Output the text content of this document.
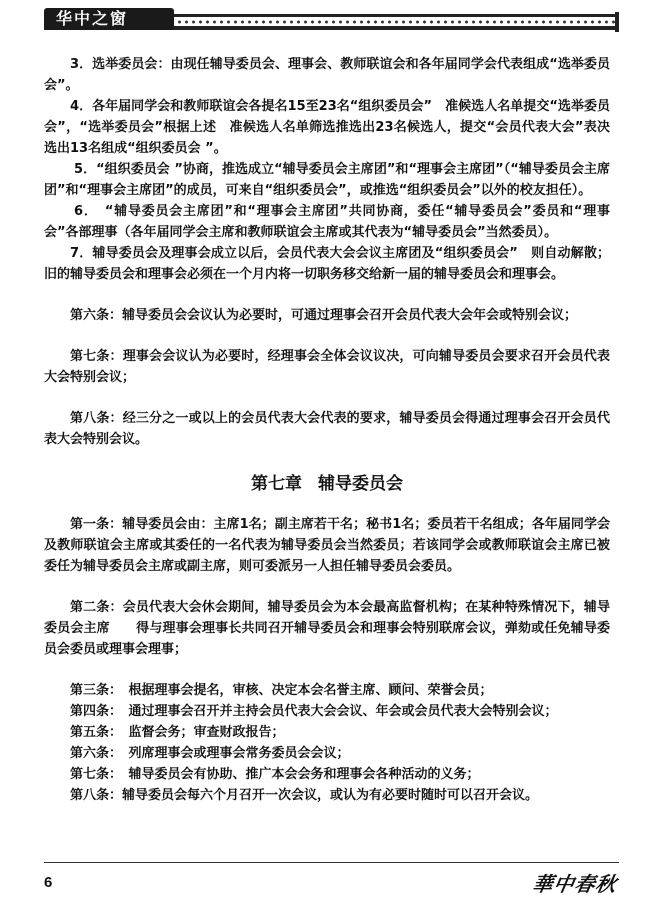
华中之窗

3．选举委员会：由现任辅导委员会、理事会、教师联谊会和各年届同学会代表组成“选举委员会”。

4．各年届同学会和教师联谊会各提名15至23名“组织委员会”　准候选人名单提交“选举委员会”，“选举委员会”根据上述　准候选人名单筛选推选出23名候选人，提交“会员代表大会”表决选出13名组成“组织委员会 ”。

5．“组织委员会 ”协商，推选成立“辅导委员会主席团”和“理事会主席团”（“辅导委员会主席团”和“理事会主席团”的成员，可来自“组织委员会”，或推选“组织委员会”以外的校友担任）。

6．　“辅导委员会主席团”和“理事会主席团”共同协商，委任“辅导委员会”委员和“理事会”各部理事（各年届同学会主席和教师联谊会主席或其代表为“辅导委员会”当然委员）。

7．辅导委员会及理事会成立以后，会员代表大会会议主席团及“组织委员会”　则自动解散；旧的辅导委员会和理事会必须在一个月内将一切职务移交给新一届的辅导委员会和理事会。

第六条：辅导委员会会议认为必要时，可通过理事会召开会员代表大会年会或特别会议；

第七条：理事会会议认为必要时，经理事会全体会议议决，可向辅导委员会要求召开会员代表大会特别会议；

第八条：经三分之一或以上的会员代表大会代表的要求，辅导委员会得通过理事会召开会员代表大会特别会议。

第七章 辅导委员会

第一条：辅导委员会由：主席1名；副主席若干名；秘书1名；委员若干名组成；各年届同学会及教师联谊会主席或其委任的一名代表为辅导委员会当然委员；若该同学会或教师联谊会主席已被委任为辅导委员会主席或副主席，则可委派另一人担任辅导委员会委员。

第二条：会员代表大会休会期间，辅导委员会为本会最高监督机构；在某种特殊情况下，辅导委员会主席　　得与理事会理事长共同召开辅导委员会和理事会特别联席会议，弹劾或任免辅导委员会委员或理事会理事；

第三条：　根据理事会提名，审核、决定本会名誉主席、顾问、荣誉会员；

第四条：　通过理事会召开并主持会员代表大会会议、年会或会员代表大会特别会议；

第五条：　监督会务；审查财政报告；

第六条：　列席理事会或理事会常务委员会会议；

第七条：　辅导委员会有协助、推广本会会务和理事会各种活动的义务；

第八条：辅导委员会每六个月召开一次会议，或认为有必要时随时可以召开会议。

6	華中春秋
